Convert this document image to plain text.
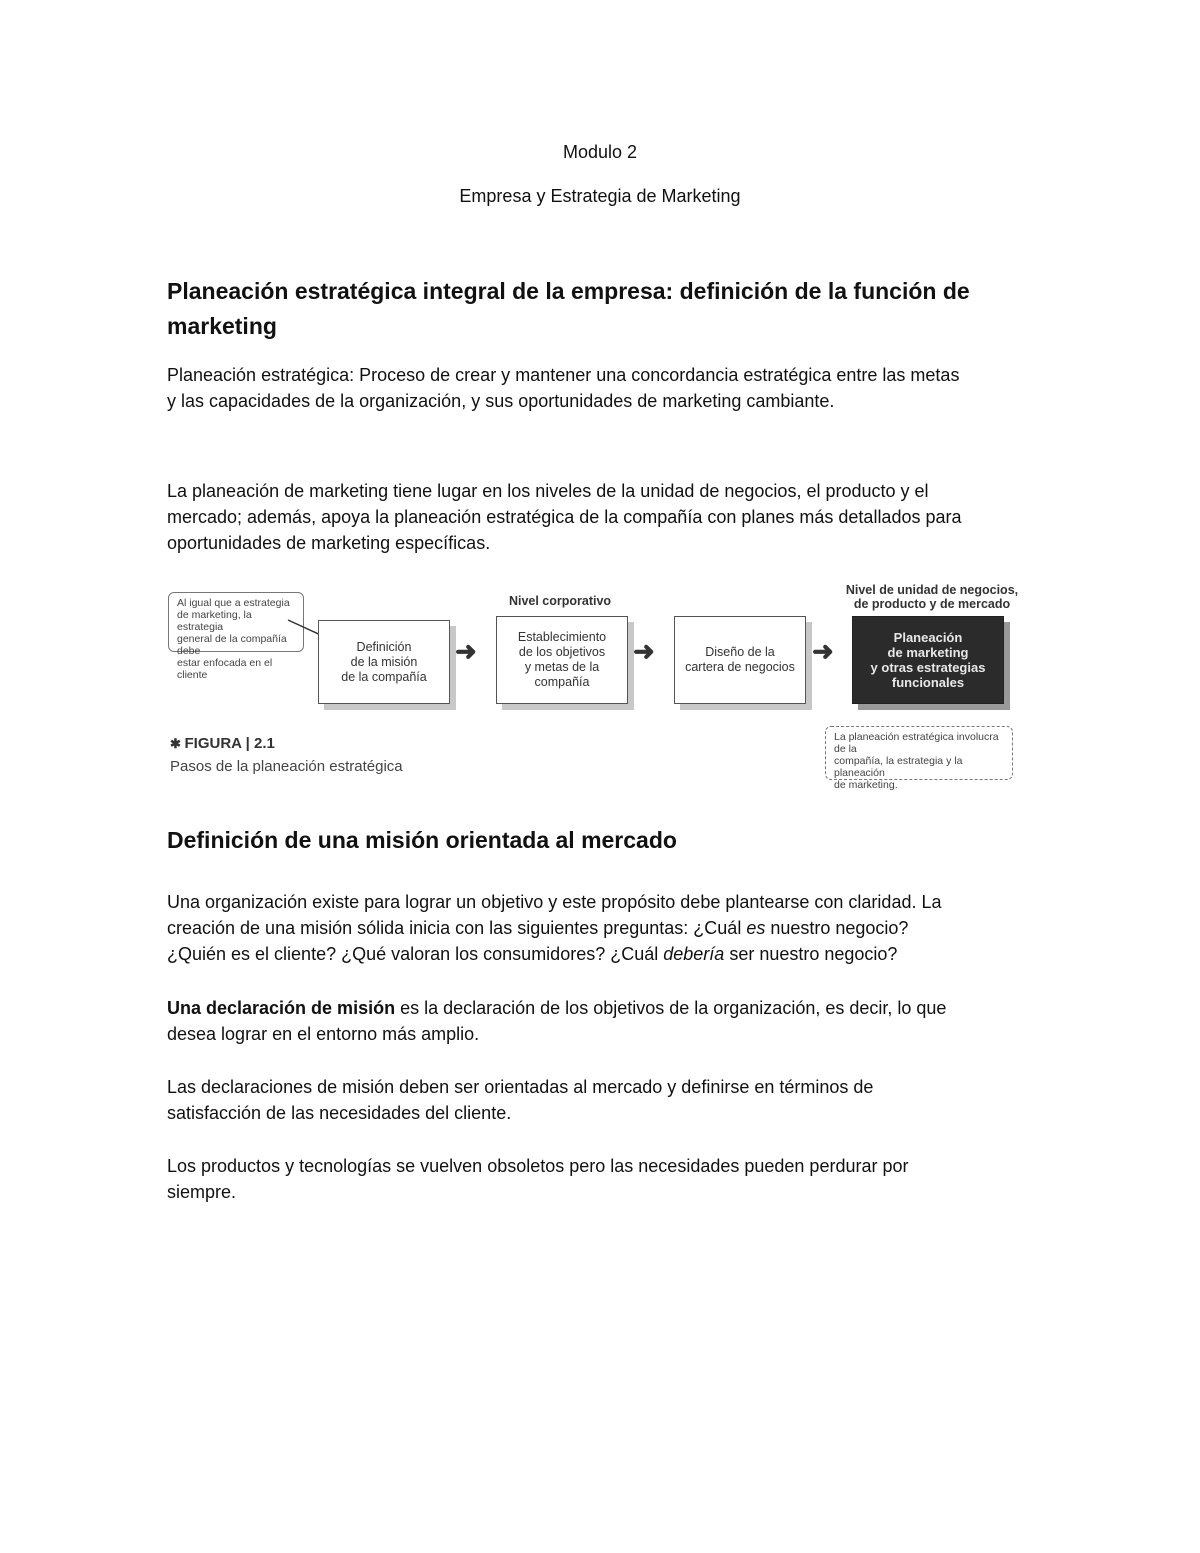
Modulo 2
Empresa y Estrategia de Marketing
Planeación estratégica integral de la empresa: definición de la función de
marketing
Planeación estratégica: Proceso de crear y mantener una concordancia estratégica entre las metas
y las capacidades de la organización, y sus oportunidades de marketing cambiante.
La planeación de marketing tiene lugar en los niveles de la unidad de negocios, el producto y el
mercado; además, apoya la planeación estratégica de la compañía con planes más detallados para
oportunidades de marketing específicas.
Al igual que a estrategia
de marketing, la estrategia
general de la compañía debe
estar enfocada en el cliente
Nivel corporativo
Nivel de unidad de negocios,
de producto y de mercado
Definición
de la misión
de la compañía
➜	Establecimiento
de los objetivos
y metas de la
compañía
➜	Diseño de la
cartera de negocios
➜	Planeación
de marketing
y otras estrategias
funcionales
La planeación estratégica involucra de la
compañía, la estrategia y la planeación
de marketing.
✱ FIGURA | 2.1
Pasos de la planeación estratégica
Definición de una misión orientada al mercado
Una organización existe para lograr un objetivo y este propósito debe plantearse con claridad. La
creación de una misión sólida inicia con las siguientes preguntas: ¿Cuál es nuestro negocio?
¿Quién es el cliente? ¿Qué valoran los consumidores? ¿Cuál debería ser nuestro negocio?
Una declaración de misión es la declaración de los objetivos de la organización, es decir, lo que
desea lograr en el entorno más amplio.
Las declaraciones de misión deben ser orientadas al mercado y definirse en términos de
satisfacción de las necesidades del cliente.
Los productos y tecnologías se vuelven obsoletos pero las necesidades pueden perdurar por
siempre.
